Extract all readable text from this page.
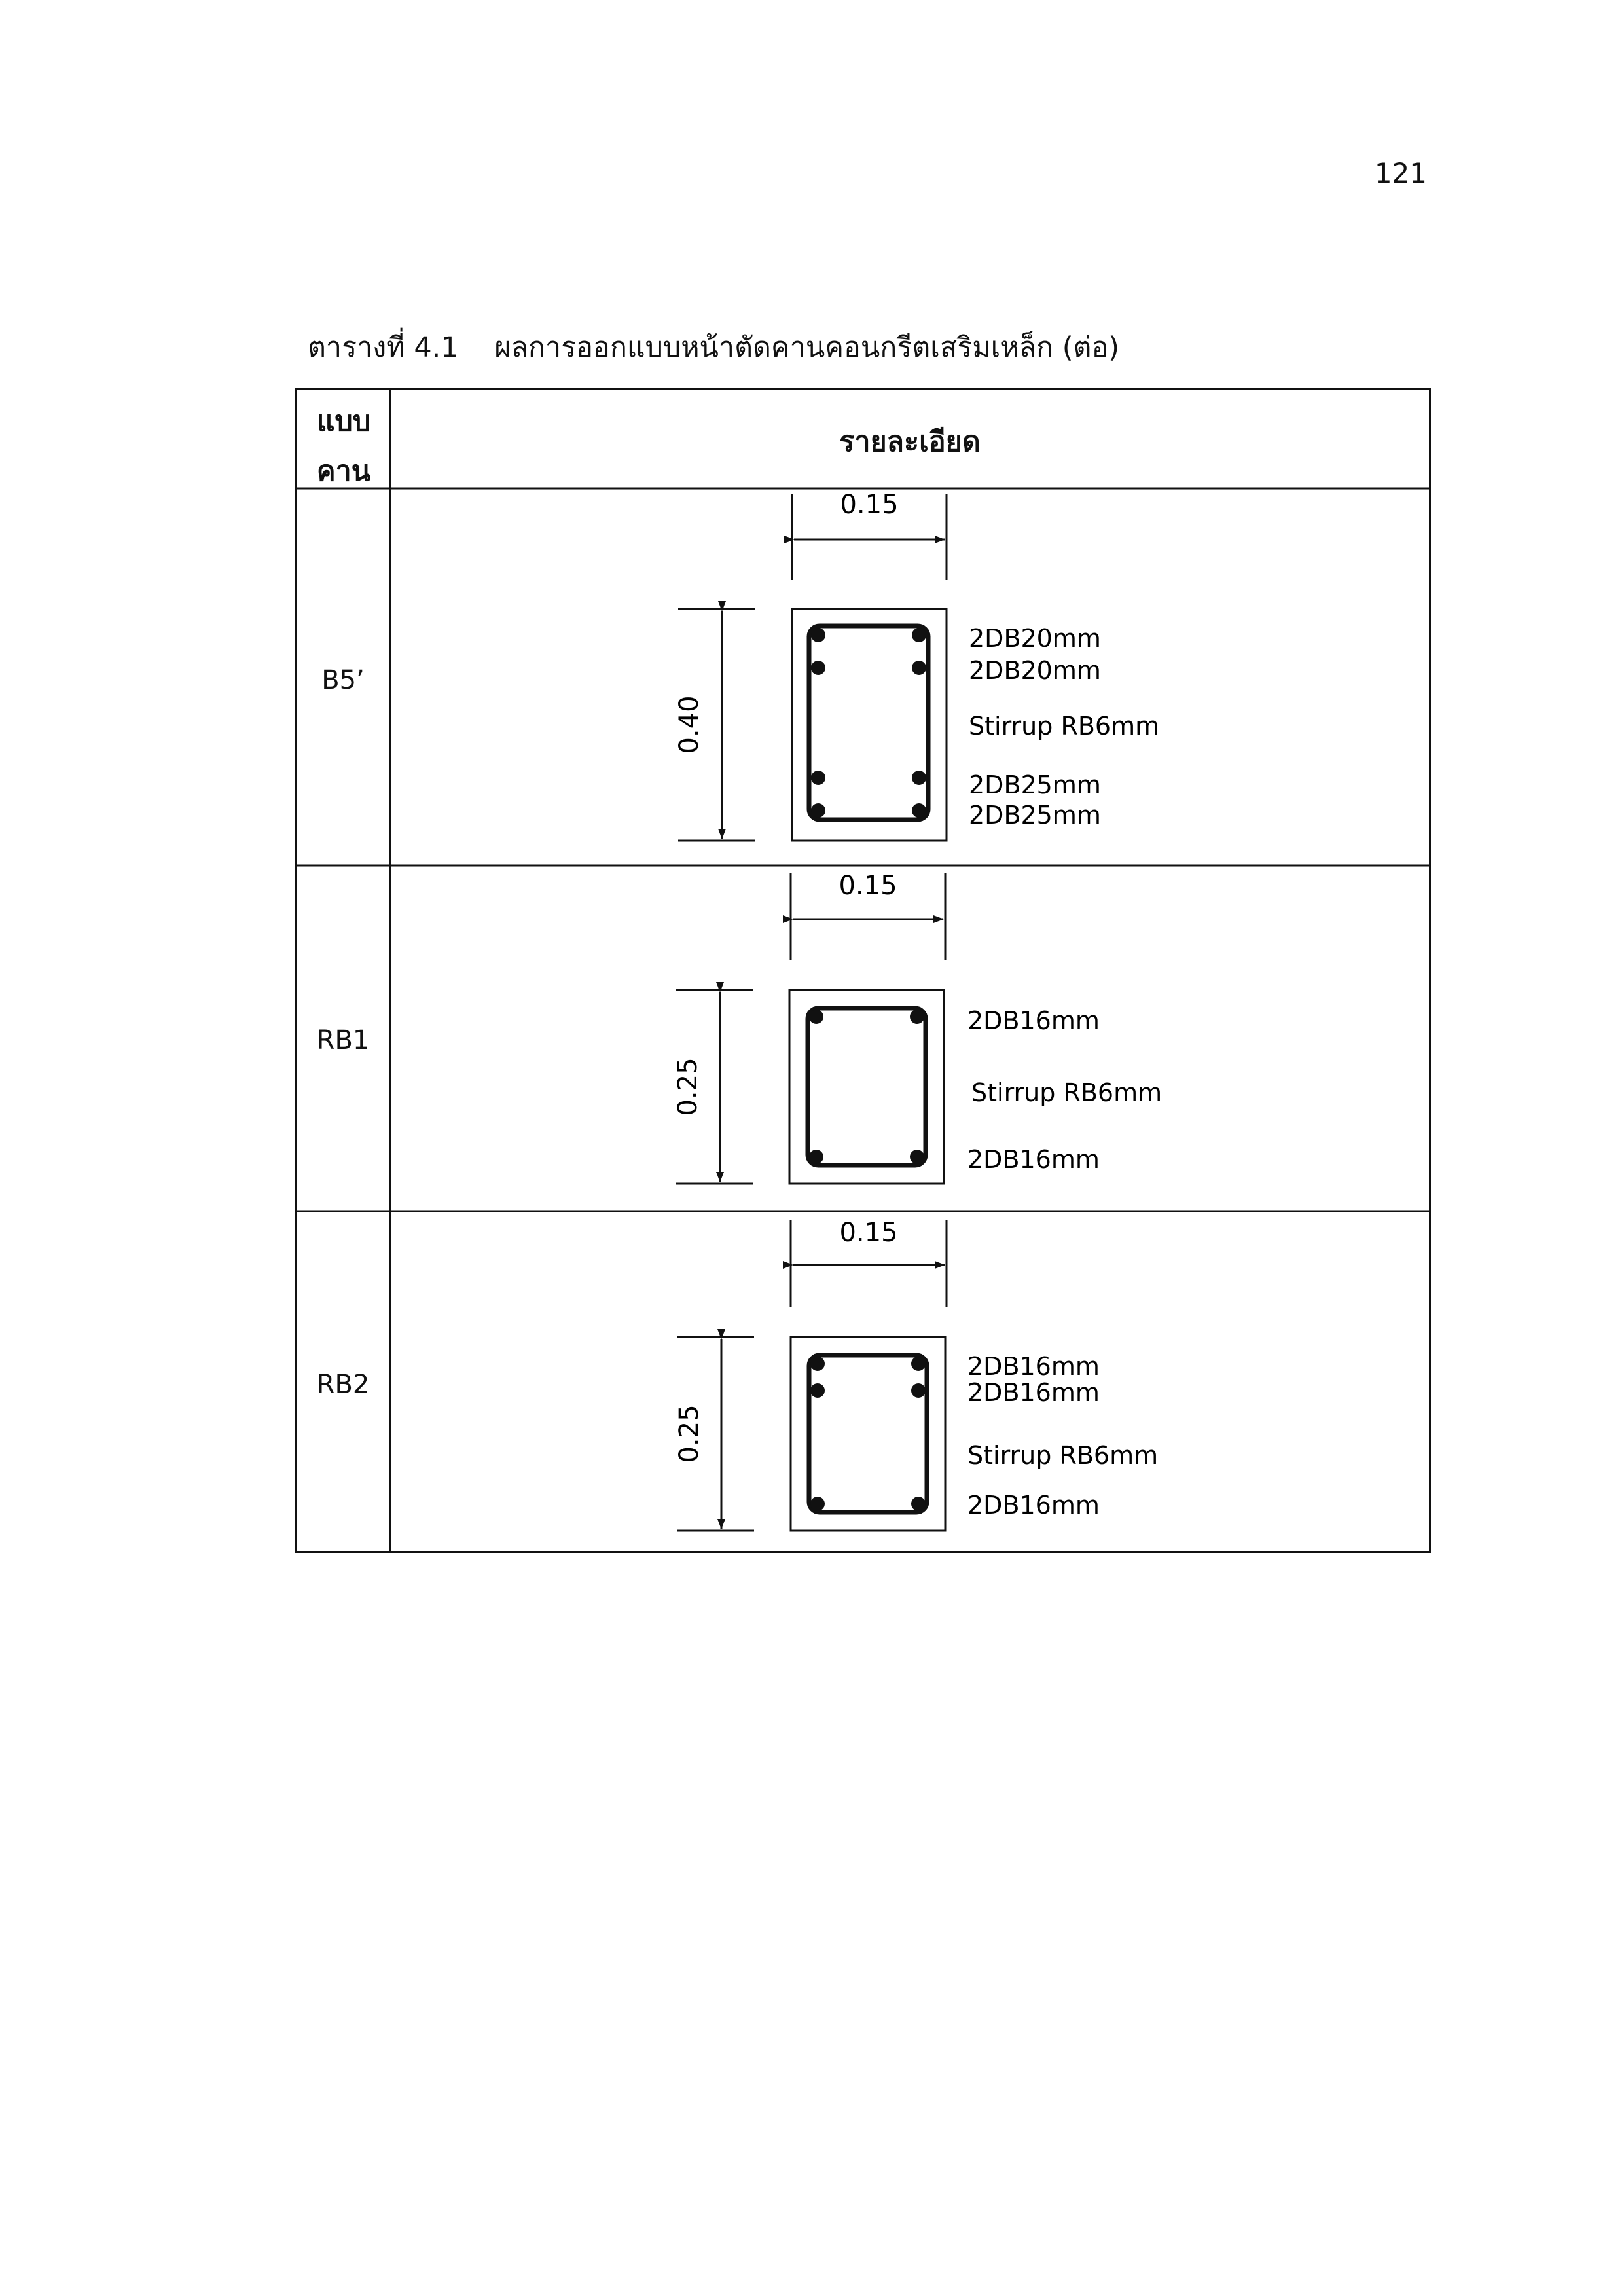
121
ตารางที่ 4.1    ผลการออกแบบหน้าตัดคานคอนกรีตเสริมเหล็ก (ต่อ)
แบบ
คาน
รายละเอียด
B5’
RB1
RB2
0.15
0.40
2DB20mm
2DB20mm
Stirrup RB6mm
2DB25mm
2DB25mm
0.15
0.25
2DB16mm
Stirrup RB6mm
2DB16mm
0.15
0.25
2DB16mm
2DB16mm
Stirrup RB6mm
2DB16mm
